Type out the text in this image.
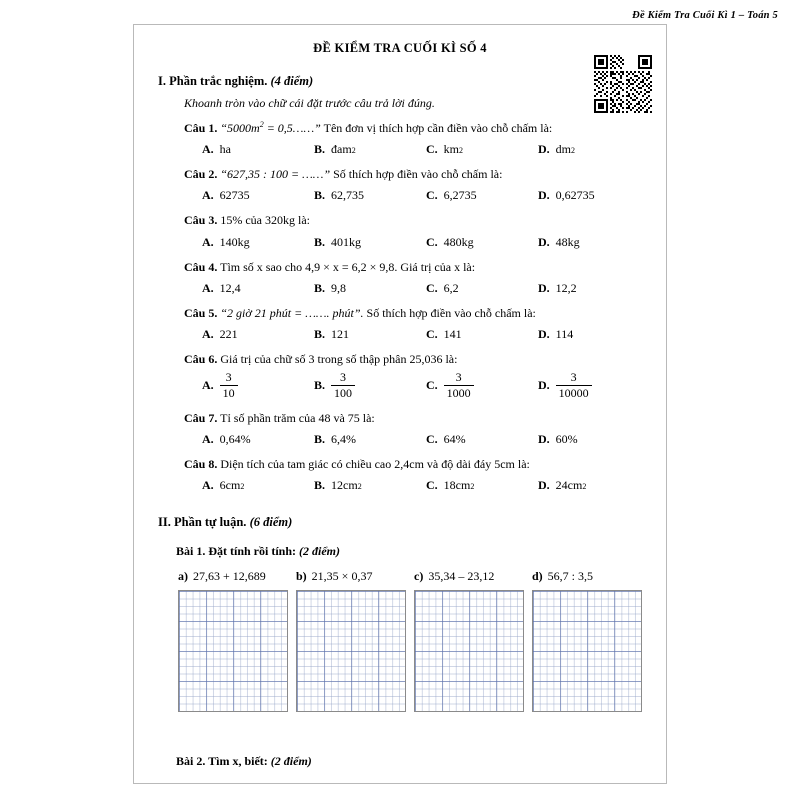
Đề Kiểm Tra Cuối Kì 1 – Toán 5
ĐỀ KIỂM TRA CUỐI KÌ SỐ 4
I. Phần trắc nghiệm. (4 điểm)
Khoanh tròn vào chữ cái đặt trước câu trả lời đúng.
Câu 1. “$5000m^2$ = 0,5……” Tên đơn vị thích hợp cần điền vào chỗ chấm là:
A. ha	B. đam 2	C. km 2	D. dm 2
Câu 2. “627,35 : 100 = ……” Số thích hợp điền vào chỗ chấm là:
A. 62735	B. 62,735	C. 6,2735	D. 0,62735
Câu 3. 15% của 320kg là:
A. 140kg	B. 401kg	C. 480kg	D. 48kg
Câu 4. Tìm số x sao cho 4,9 × x = 6,2 × 9,8. Giá trị của x là:
A. 12,4	B. 9,8	C. 6,2	D. 12,2
Câu 5. “2 giờ 21 phút = ……. phút”. Số thích hợp điền vào chỗ chấm là:
A. 221	B. 121	C. 141	D. 114
Câu 6. Giá trị của chữ số 3 trong số thập phân 25,036 là:
A. $\frac{3}{10}$	B. $\frac{3}{100}$	C. $\frac{3}{1000}$	D. $\frac{3}{10000}$
Câu 7. Tỉ số phần trăm của 48 và 75 là:
A. 0,64%	B. 6,4%	C. 64%	D. 60%
Câu 8. Diện tích của tam giác có chiều cao 2,4cm và độ dài đáy 5cm là:
A. 6cm 2	B. 12cm 2	C. 18cm 2	D. 24cm 2
II. Phần tự luận. (6 điểm)
Bài 1. Đặt tính rồi tính: (2 điểm)
a) 27,63 + 12,689	b) 21,35 × 0,37	c) 35,34 – 23,12	d) 56,7 : 3,5
Bài 2. Tìm x, biết: (2 điểm)
